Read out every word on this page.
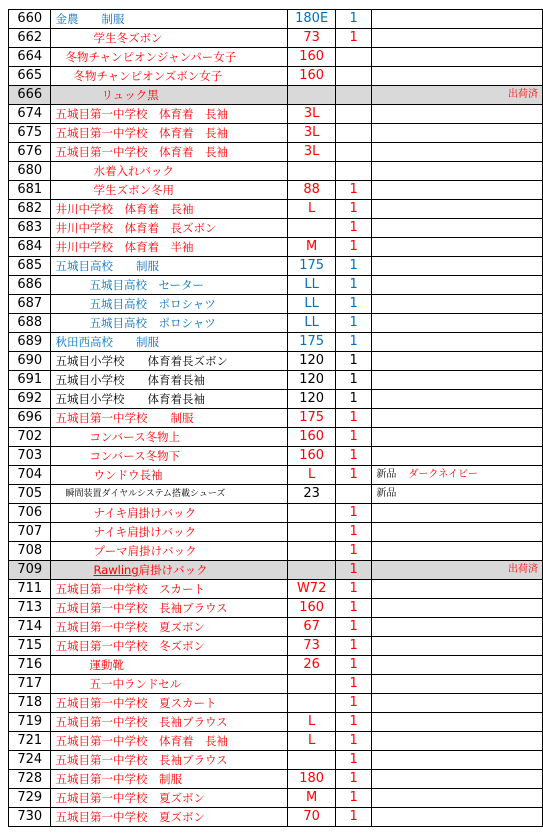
660	金農　　制服	180E	1	

662	学生冬ズボン	73	1	

664	冬物チャンピオンジャンパー女子	160		

665	冬物チャンピオンズボン女子	160		

666	リュック黒			出荷済

674	五城目第一中学校　体育着　長袖	3L		

675	五城目第一中学校　体育着　長袖	3L		

676	五城目第一中学校　体育着　長袖	3L		

680	水着入れバック			

681	学生ズボン冬用	88	1	

682	井川中学校　体育着　長袖	L	1	

683	井川中学校　体育着　長ズボン		1	

684	井川中学校　体育着　半袖	M	1	

685	五城目高校　　制服	175	1	

686	五城目高校　セーター	LL	1	

687	五城目高校　ポロシャツ	LL	1	

688	五城目高校　ポロシャツ	LL	1	

689	秋田西高校　　制服	175	1	

690	五城目小学校　　体育着長ズボン	120	1	

691	五城目小学校　　体育着長袖	120	1	

692	五城目小学校　　体育着長袖	120	1	

696	五城目第一中学校　　制服	175	1	

702	コンバース冬物上	160	1	

703	コンバース冬物下	160	1	

704	ウンドウ長袖	L	1	新品 ダークネイビー

705	瞬間装置ダイヤルシステム搭載シューズ	23		新品

706	ナイキ肩掛けバック		1	

707	ナイキ肩掛けバック		1	

708	プーマ肩掛けバック		1	

709	Rawling肩掛けバック		1	出荷済

711	五城目第一中学校　スカート	W72	1	

713	五城目第一中学校　長袖ブラウス	160	1	

714	五城目第一中学校　夏ズボン	67	1	

715	五城目第一中学校　冬ズボン	73	1	

716	運動靴	26	1	

717	五一中ランドセル		1	

718	五城目第一中学校　夏スカート		1	

719	五城目第一中学校　長袖ブラウス	L	1	

721	五城目第一中学校　体育着　長袖	L	1	

724	五城目第一中学校　長袖ブラウス		1	

728	五城目第一中学校　制服	180	1	

729	五城目第一中学校　夏ズボン	M	1	

730	五城目第一中学校　夏ズボン	70	1	
